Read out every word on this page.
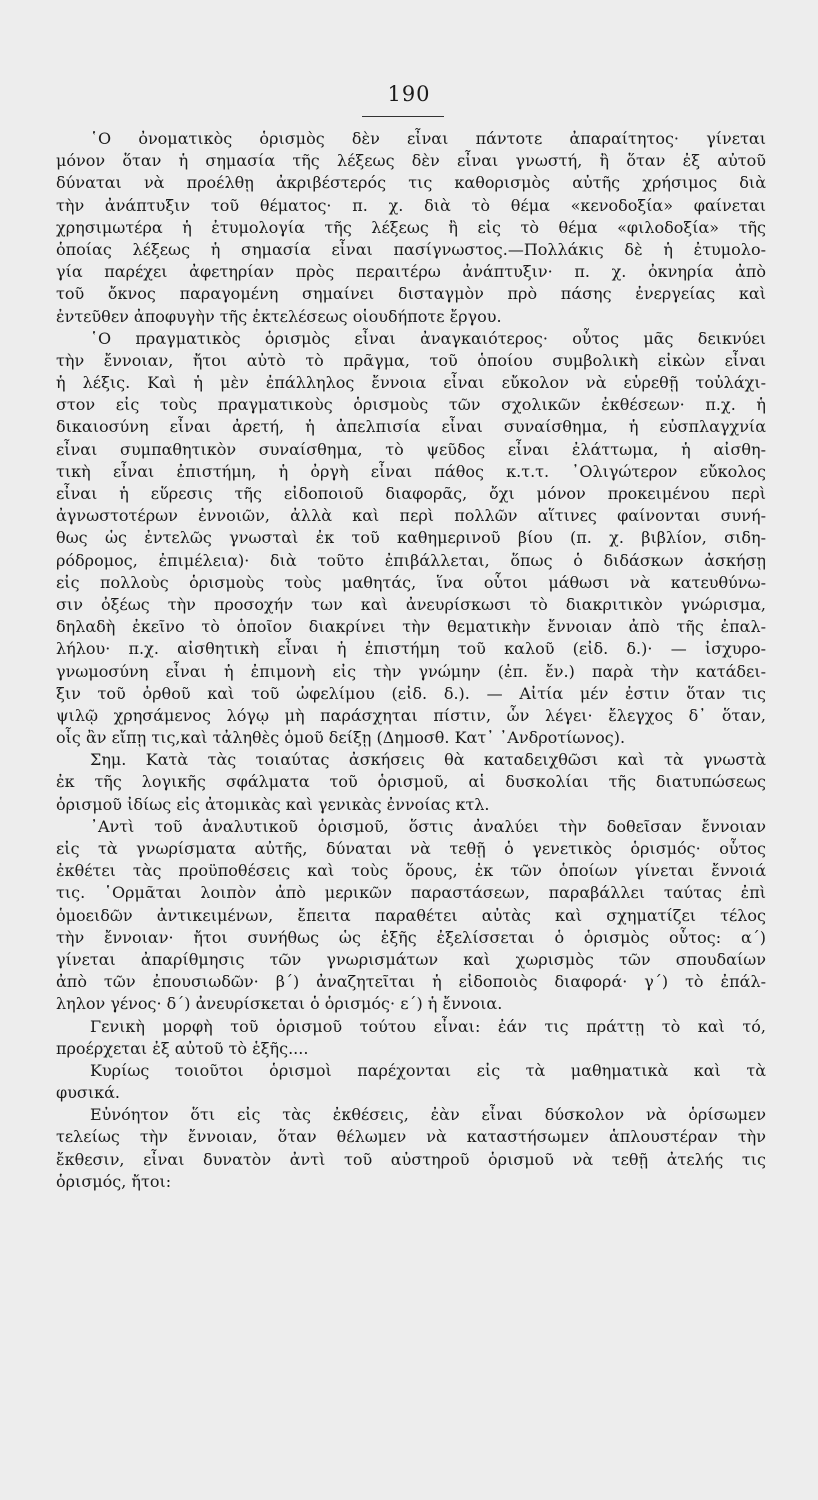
190
῾Ο ὀνοματικὸς ὁρισμὸς δὲν εἶναι πάντοτε ἀπαραίτητος· γίνεται
μόνον ὅταν ἡ σημασία τῆς λέξεως δὲν εἶναι γνωστή, ἢ ὅταν ἐξ αὐτοῦ
δύναται νὰ προέλθῃ ἀκριβέστερός τις καθορισμὸς αὐτῆς χρήσιμος διὰ
τὴν ἀνάπτυξιν τοῦ θέματος· π. χ. διὰ τὸ θέμα «κενοδοξία» φαίνεται
χρησιμωτέρα ἡ ἐτυμολογία τῆς λέξεως ἢ εἰς τὸ θέμα «φιλοδοξία» τῆς
ὁποίας λέξεως ἡ σημασία εἶναι πασίγνωστος.—Πολλάκις δὲ ἡ ἐτυμολο-
γία παρέχει ἀφετηρίαν πρὸς περαιτέρω ἀνάπτυξιν· π. χ. ὀκνηρία ἀπὸ
τοῦ ὄκνος παραγομένη σημαίνει δισταγμὸν πρὸ πάσης ἐνεργείας καὶ
ἐντεῦθεν ἀποφυγὴν τῆς ἐκτελέσεως οἱουδήποτε ἔργου.
῾Ο πραγματικὸς ὁρισμὸς εἶναι ἀναγκαιότερος· οὗτος μᾶς δεικνύει
τὴν ἔννοιαν, ἤτοι αὐτὸ τὸ πρᾶγμα, τοῦ ὁποίου συμβολικὴ εἰκὼν εἶναι
ἡ λέξις. Καὶ ἡ μὲν ἐπάλληλος ἔννοια εἶναι εὔκολον νὰ εὑρεθῇ τοὐλάχι-
στον εἰς τοὺς πραγματικοὺς ὁρισμοὺς τῶν σχολικῶν ἐκθέσεων· π.χ. ἡ
δικαιοσύνη εἶναι ἀρετή, ἡ ἀπελπισία εἶναι συναίσθημα, ἡ εὐσπλαγχνία
εἶναι συμπαθητικὸν συναίσθημα, τὸ ψεῦδος εἶναι ἐλάττωμα, ἡ αἰσθη-
τικὴ εἶναι ἐπιστήμη, ἡ ὀργὴ εἶναι πάθος κ.τ.τ. ᾿Ολιγώτερον εὔκολος
εἶναι ἡ εὕρεσις τῆς εἰδοποιοῦ διαφορᾶς, ὄχι μόνον προκειμένου περὶ
ἀγνωστοτέρων ἐννοιῶν, ἀλλὰ καὶ περὶ πολλῶν αἵτινες φαίνονται συνή-
θως ὡς ἐντελῶς γνωσταὶ ἐκ τοῦ καθημερινοῦ βίου (π. χ. βιβλίον, σιδη-
ρόδρομος, ἐπιμέλεια)· διὰ τοῦτο ἐπιβάλλεται, ὅπως ὁ διδάσκων ἀσκήσῃ
εἰς πολλοὺς ὁρισμοὺς τοὺς μαθητάς, ἵνα οὗτοι μάθωσι νὰ κατευθύνω-
σιν ὀξέως τὴν προσοχήν των καὶ ἀνευρίσκωσι τὸ διακριτικὸν γνώρισμα,
δηλαδὴ ἐκεῖνο τὸ ὁποῖον διακρίνει τὴν θεματικὴν ἔννοιαν ἀπὸ τῆς ἐπαλ-
λήλου· π.χ. αἰσθητικὴ εἶναι ἡ ἐπιστήμη τοῦ καλοῦ (εἰδ. δ.)· — ἰσχυρο-
γνωμοσύνη εἶναι ἡ ἐπιμονὴ εἰς τὴν γνώμην (ἐπ. ἔν.) παρὰ τὴν κατάδει-
ξιν τοῦ ὀρθοῦ καὶ τοῦ ὠφελίμου (εἰδ. δ.). — Αἰτία μέν ἐστιν ὅταν τις
ψιλῷ χρησάμενος λόγῳ μὴ παράσχηται πίστιν, ὧν λέγει· ἔλεγχος δ᾽ ὅταν,
οἷς ἂν εἴπῃ τις,καὶ τἀληθὲς ὁμοῦ δείξῃ (Δημοσθ. Κατ᾽ ᾿Ανδροτίωνος).
Σημ. Κατὰ τὰς τοιαύτας ἀσκήσεις θὰ καταδειχθῶσι καὶ τὰ γνωστὰ
ἐκ τῆς λογικῆς σφάλματα τοῦ ὁρισμοῦ, αἱ δυσκολίαι τῆς διατυπώσεως
ὁρισμοῦ ἰδίως εἰς ἀτομικὰς καὶ γενικὰς ἐννοίας κτλ.
᾿Αντὶ τοῦ ἀναλυτικοῦ ὁρισμοῦ, ὅστις ἀναλύει τὴν δοθεῖσαν ἔννοιαν
εἰς τὰ γνωρίσματα αὐτῆς, δύναται νὰ τεθῇ ὁ γενετικὸς ὁρισμός· οὗτος
ἐκθέτει τὰς προϋποθέσεις καὶ τοὺς ὅρους, ἐκ τῶν ὁποίων γίνεται ἔννοιά
τις. ῾Ορμᾶται λοιπὸν ἀπὸ μερικῶν παραστάσεων, παραβάλλει ταύτας ἐπὶ
ὁμοειδῶν ἀντικειμένων, ἔπειτα παραθέτει αὐτὰς καὶ σχηματίζει τέλος
τὴν ἔννοιαν· ἤτοι συνήθως ὡς ἑξῆς ἐξελίσσεται ὁ ὁρισμὸς οὗτος: α΄)
γίνεται ἀπαρίθμησις τῶν γνωρισμάτων καὶ χωρισμὸς τῶν σπουδαίων
ἀπὸ τῶν ἐπουσιωδῶν· β΄) ἀναζητεῖται ἡ εἰδοποιὸς διαφορά· γ΄) τὸ ἐπάλ-
ληλον γένος· δ΄) ἀνευρίσκεται ὁ ὁρισμός· ε΄) ἡ ἔννοια.
Γενικὴ μορφὴ τοῦ ὁρισμοῦ τούτου εἶναι: ἐάν τις πράττῃ τὸ καὶ τό,
προέρχεται ἐξ αὐτοῦ τὸ ἑξῆς....
Κυρίως τοιοῦτοι ὁρισμοὶ παρέχονται εἰς τὰ μαθηματικὰ καὶ τὰ
φυσικά.
Εὐνόητον ὅτι εἰς τὰς ἐκθέσεις, ἐὰν εἶναι δύσκολον νὰ ὁρίσωμεν
τελείως τὴν ἔννοιαν, ὅταν θέλωμεν νὰ καταστήσωμεν ἁπλουστέραν τὴν
ἔκθεσιν, εἶναι δυνατὸν ἀντὶ τοῦ αὐστηροῦ ὁρισμοῦ νὰ τεθῇ ἀτελής τις
ὁρισμός, ἤτοι:
